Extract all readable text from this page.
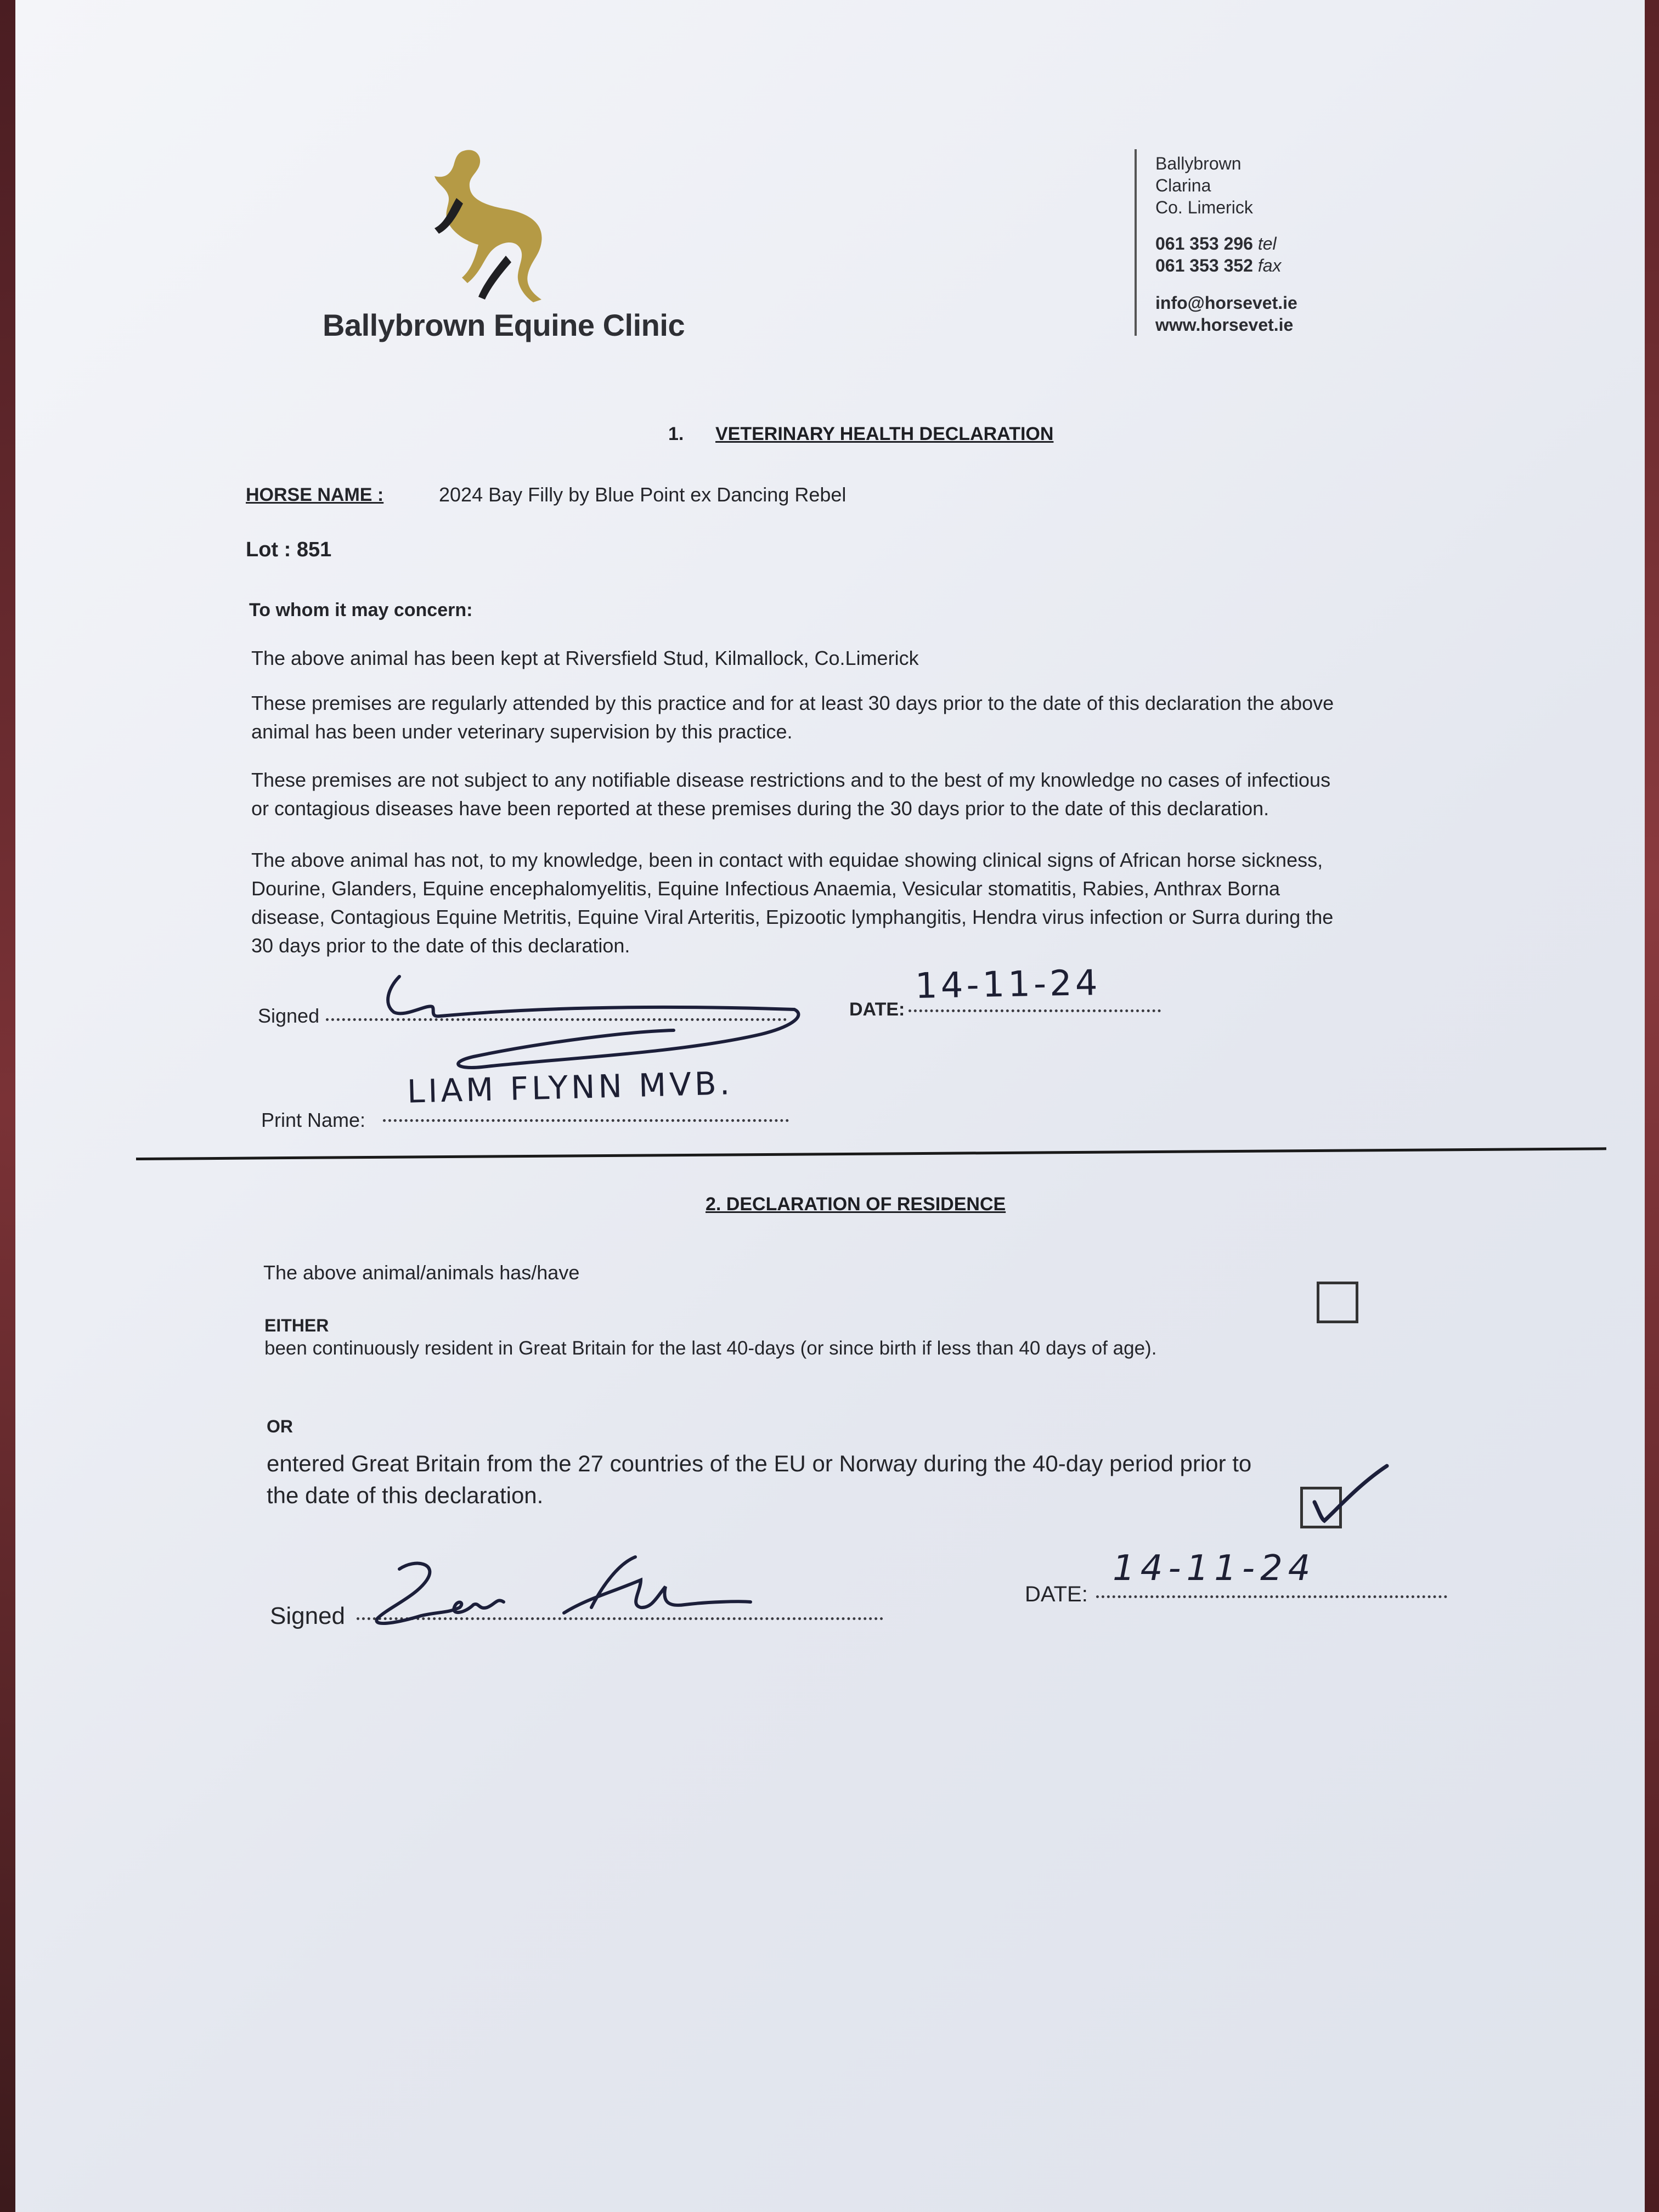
Ballybrown Equine Clinic
Ballybrown
Clarina
Co. Limerick
061 353 296 tel
061 353 352 fax
info@horsevet.ie
www.horsevet.ie
1. VETERINARY HEALTH DECLARATION
HORSE NAME :	2024 Bay Filly by Blue Point ex Dancing Rebel
Lot : 851
To whom it may concern:
The above animal has been kept at Riversfield Stud, Kilmallock, Co.Limerick
These premises are regularly attended by this practice and for at least 30 days prior to the date of this declaration the above
animal has been under veterinary supervision by this practice.
These premises are not subject to any notifiable disease restrictions and to the best of my knowledge no cases of infectious
or contagious diseases have been reported at these premises during the 30 days prior to the date of this declaration.
The above animal has not, to my knowledge, been in contact with equidae showing clinical signs of African horse sickness,
Dourine, Glanders, Equine encephalomyelitis, Equine Infectious Anaemia, Vesicular stomatitis, Rabies, Anthrax Borna
disease, Contagious Equine Metritis, Equine Viral Arteritis, Epizootic lymphangitis, Hendra virus infection or Surra during the
30 days prior to the date of this declaration.
Signed	DATE:
14-11-24
Print Name:
LIAM FLYNN MVB.
2. DECLARATION OF RESIDENCE
The above animal/animals has/have
EITHER
been continuously resident in Great Britain for the last 40-days (or since birth if less than 40 days of age).
OR
entered Great Britain from the 27 countries of the EU or Norway during the 40-day period prior to
the date of this declaration.
Signed
DATE:
14-11-24
